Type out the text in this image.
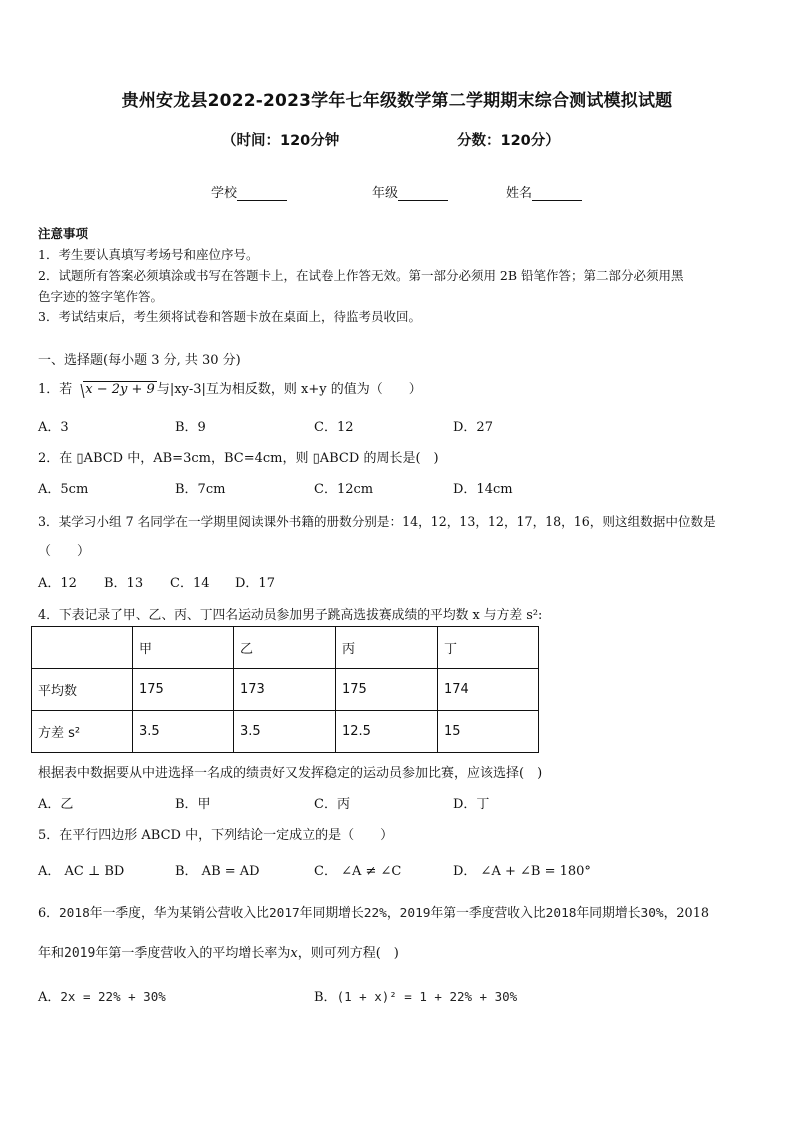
贵州安龙县2022-2023学年七年级数学第二学期期末综合测试模拟试题
（时间：120分钟	分数：120分）
学校	年级	姓名
注意事项
1．考生要认真填写考场号和座位序号。
2．试题所有答案必须填涂或书写在答题卡上，在试卷上作答无效。第一部分必须用 2B 铅笔作答；第二部分必须用黑
色字迹的签字笔作答。
3．考试结束后，考生须将试卷和答题卡放在桌面上，待监考员收回。
一、选择题(每小题 3 分, 共 30 分)
1．若 x − 2y + 9 与|xy-3|互为相反数，则 x+y 的值为（　　）
A．3	B．9	C．12	D．27
2．在 ▯ABCD 中，AB=3cm，BC=4cm，则 ▯ABCD 的周长是(　)
A．5cm	B．7cm	C．12cm	D．14cm
3．某学习小组 7 名同学在一学期里阅读课外书籍的册数分别是：14，12，13，12，17，18，16，则这组数据中位数是
（　　）
A．12 B．13 C．14 D．17
4．下表记录了甲、乙、丙、丁四名运动员参加男子跳高选拔赛成绩的平均数 x 与方差 s²:
	甲	乙	丙	丁
平均数	175	173	175	174
方差 s²	3.5	3.5	12.5	15
根据表中数据要从中进选择一名成的绩责好又发挥稳定的运动员参加比赛，应该选择(　)
A．乙	B．甲	C．丙	D．丁
5．在平行四边形 ABCD 中，下列结论一定成立的是（　　）
A． AC ⊥ BD	B． AB = AD	C． ∠A ≠ ∠C	D． ∠A + ∠B = 180°
6．2018年一季度，华为某销公营收入比2017年同期增长22%，2019年第一季度营收入比2018年同期增长30%，2018
年和2019年第一季度营收入的平均增长率为x，则可列方程(　)
A．2x = 22% + 30%	B．(1 + x)² = 1 + 22% + 30%
